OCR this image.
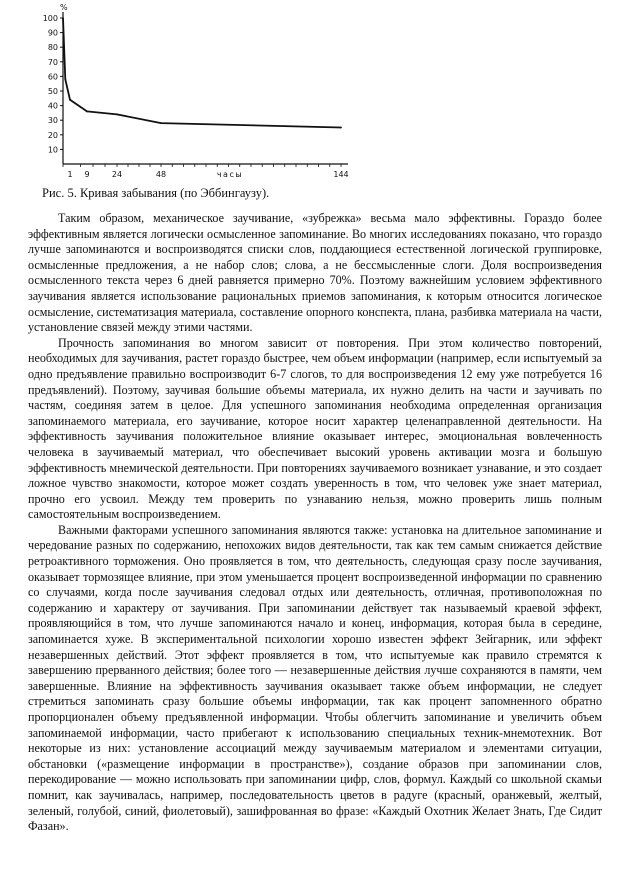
%
100
90
80
70
60
50
40
30
20
10
1 9	24	48	144
часы
Рис. 5. Кривая забывания (по Эббингаузу).

Таким образом, механическое заучивание, «зубрежка» весьма мало эффективны. Гораздо более эффективным является логически осмысленное запоминание. Во многих исследованиях показано, что гораздо лучше запоминаются и воспроизводятся списки слов, поддающиеся естественной логической группировке, осмысленные предложения, а не набор слов; слова, а не бессмысленные слоги. Доля воспроизведения осмысленного текста через 6 дней равняется примерно 70%. Поэтому важнейшим условием эффективного заучивания является использование рациональных приемов запоминания, к которым относится логическое осмысление, систематизация материала, составление опорного конспекта, плана, разбивка материала на части, установление связей между этими частями.

Прочность запоминания во многом зависит от повторения. При этом количество повторений, необходимых для заучивания, растет гораздо быстрее, чем объем информации (например, если испытуемый за одно предъявление правильно воспроизводит 6-7 слогов, то для воспроизведения 12 ему уже потребуется 16 предъявлений). Поэтому, заучивая большие объемы материала, их нужно делить на части и заучивать по частям, соединяя затем в целое. Для успешного запоминания необходима определенная организация запоминаемого материала, его заучивание, которое носит характер целенаправленной деятельности. На эффективность заучивания положительное влияние оказывает интерес, эмоциональная вовлеченность человека в заучиваемый материал, что обеспечивает высокий уровень активации мозга и большую эффективность мнемической деятельности. При повторениях заучиваемого возникает узнавание, и это создает ложное чувство знакомости, которое может создать уверенность в том, что человек уже знает материал, прочно его усвоил. Между тем проверить по узнаванию нельзя, можно проверить лишь полным самостоятельным воспроизведением.

Важными факторами успешного запоминания являются также: установка на длительное запоминание и чередование разных по содержанию, непохожих видов деятельности, так как тем самым снижается действие ретроактивного торможения. Оно проявляется в том, что деятельность, следующая сразу после заучивания, оказывает тормозящее влияние, при этом уменьшается процент воспроизведенной информации по сравнению со случаями, когда после заучивания следовал отдых или деятельность, отличная, противоположная по содержанию и характеру от заучивания. При запоминании действует так называемый краевой эффект, проявляющийся в том, что лучше запоминаются начало и конец, информация, которая была в середине, запоминается хуже. В экспериментальной психологии хорошо известен эффект Зейгарник, или эффект незавершенных действий. Этот эффект проявляется в том, что испытуемые как правило стремятся к завершению прерванного действия; более того — незавершенные действия лучше сохраняются в памяти, чем завершенные. Влияние на эффективность заучивания оказывает также объем информации, не следует стремиться запоминать сразу большие объемы информации, так как процент запомненного обратно пропорционален объему предъявленной информации. Чтобы облегчить запоминание и увеличить объем запоминаемой информации, часто прибегают к использованию специальных техник-мнемотехник. Вот некоторые из них: установление ассоциаций между заучиваемым материалом и элементами ситуации, обстановки («размещение информации в пространстве»), создание образов при запоминании слов, перекодирование — можно использовать при запоминании цифр, слов, формул. Каждый со школьной скамьи помнит, как заучивалась, например, последовательность цветов в радуге (красный, оранжевый, желтый, зеленый, голубой, синий, фиолетовый), зашифрованная во фразе: «Каждый Охотник Желает Знать, Где Сидит Фазан».
